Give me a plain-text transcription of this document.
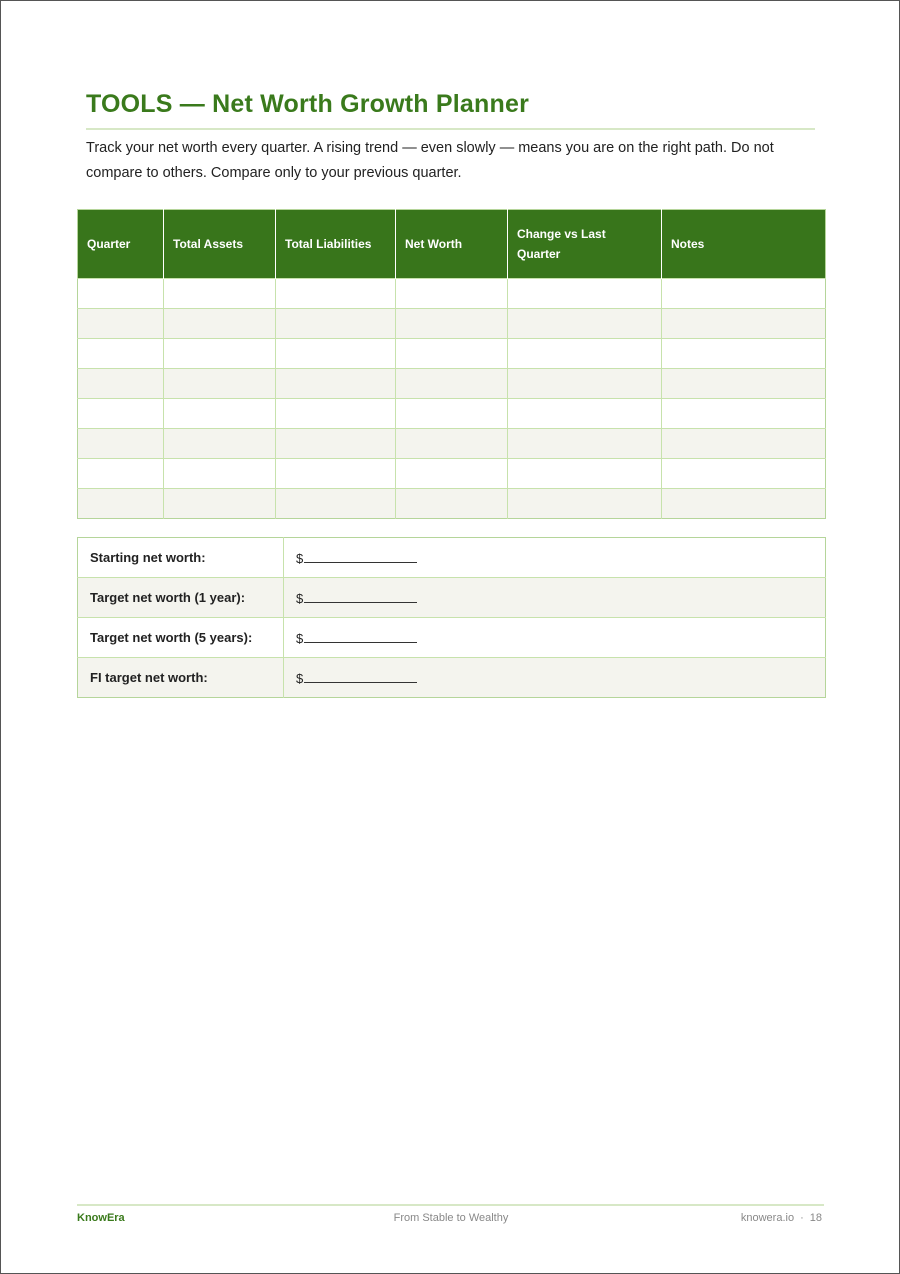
TOOLS — Net Worth Growth Planner

Track your net worth every quarter. A rising trend — even slowly — means you are on the right path. Do not compare to others. Compare only to your previous quarter.

Quarter	Total Assets	Total Liabilities	Net Worth	Change vs Last Quarter	Notes

Starting net worth:	$
Target net worth (1 year):	$
Target net worth (5 years):	$
FI target net worth:	$
KnowEra	From Stable to Wealthy	knowera.io · 18
